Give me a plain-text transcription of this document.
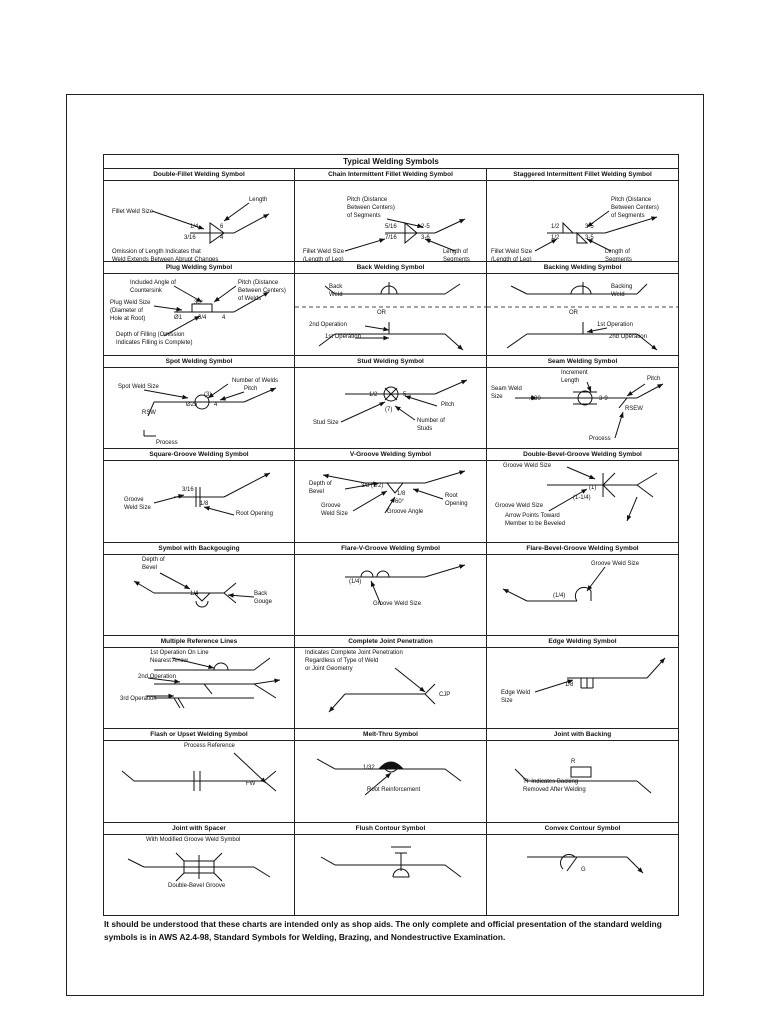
Typical Welding Symbols
Double-Fillet Welding Symbol
Length
Fillet Weld Size
1/4	6
3/16	4
Omission of Length Indicates that
Weld Extends Between Abrupt Changes
Chain Intermittent Fillet Welding Symbol
Pitch (Distance
Between Centers)
of Segments
5/16	2-5
7/16	3-6
Fillet Weld Size
(Length of Leg)
Length of
Segments
Staggered Intermittent Fillet Welding Symbol
Pitch (Distance
Between Centers)
of Segments
1/2	3-5
1/2	3-5
Fillet Weld Size
(Length of Leg)
Length of
Segments
Plug Welding Symbol
Included Angle of
Countersink
Pitch (Distance
Between Centers)
of Welds
Plug Weld Size
(Diameter of
Hole at Root)
30°
Ø1	3/4	4
Depth of Filling (Omission
Indicates Filling is Complete)
Back Welding Symbol
Back
Weld
OR
2nd Operation
1st Operation
Backing Welding Symbol
Backing
Weld
OR
1st Operation
2nd Operation
Spot Welding Symbol
Number of Welds
Spot Weld Size	Pitch
(3)
Ø25	4
RSW
Process
Stud Welding Symbol
1/2	5
(7)
Pitch
Stud Size	Number of
Studs
Seam Welding Symbol
Increment
Length	Pitch
Seam Weld
Size	.030	3-9
RSEW
Process
Square-Groove Welding Symbol
3/16
Groove
Weld Size
1/8
Root Opening
V-Groove Welding Symbol
Depth of
Bevel
3/8 (1/2)
1/8
60°
Root
Opening
Groove
Weld Size	Groove Angle
Double-Bevel-Groove Welding Symbol
Groove Weld Size
(1)
(1-1/4)
Groove Weld Size
Arrow Points Toward
Member to be Beveled
Symbol with Backgouging
Depth of
Bevel
1/4	Back
Gouge
Flare-V-Groove Welding Symbol
(1/4)
Groove Weld Size
Flare-Bevel-Groove Welding Symbol
Groove Weld Size
(1/4)
Multiple Reference Lines
1st Operation On Line
Nearest Arrow
2nd Operation
3rd Operation
Complete Joint Penetration
Indicates Complete Joint Penetration
Regardless of Type of Weld
or Joint Geometry
CJP
Edge Welding Symbol
1/8
Edge Weld
Size
Flash or Upset Welding Symbol
Process Reference
FW
Melt-Thru Symbol
1/32
Root Reinforcement
Joint with Backing
R
'R' Indicates Backing
Removed After Welding
Joint with Spacer
With Modified Groove Weld Symbol
Double-Bevel Groove
Flush Contour Symbol	Convex Contour Symbol
G
It should be understood that these charts are intended only as shop aids. The only complete and official presentation of the standard welding symbols is in AWS A2.4-98, Standard Symbols for Welding, Brazing, and Nondestructive Examination.
